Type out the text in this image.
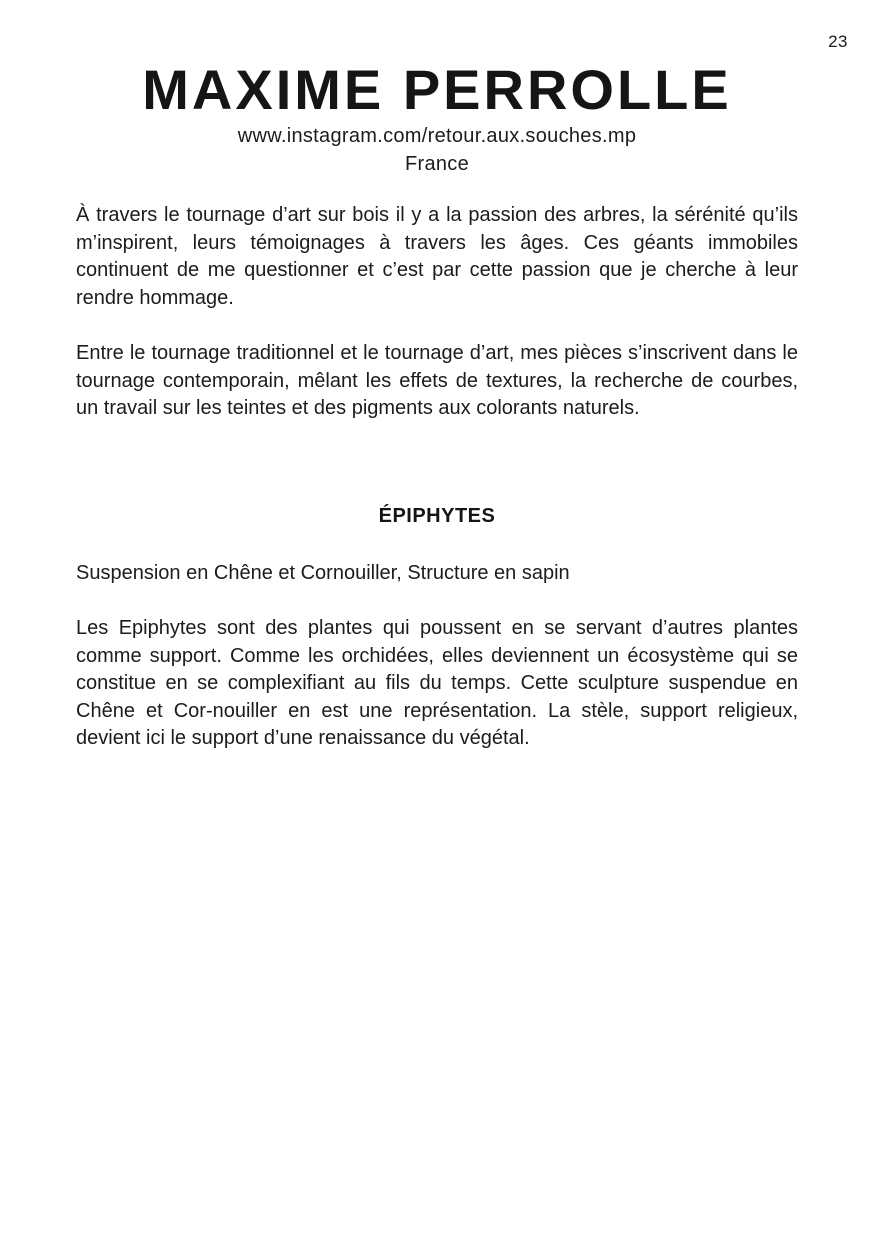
23
MAXIME PERROLLE

www.instagram.com/retour.aux.souches.mp

France

À travers le tournage d’art sur bois il y a la passion des arbres, la sérénité qu’ils m’inspirent, leurs témoignages à travers les âges. Ces géants immobiles continuent de me questionner et c’est par cette passion que je cherche à leur rendre hommage.

Entre le tournage traditionnel et le tournage d’art, mes pièces s’inscrivent dans le tournage contemporain, mêlant les effets de textures, la recherche de courbes, un travail sur les teintes et des pigments aux colorants naturels.

ÉPIPHYTES

Suspension en Chêne et Cornouiller, Structure en sapin

Les Epiphytes sont des plantes qui poussent en se servant d’autres plantes comme support. Comme les orchidées, elles deviennent un écosystème qui se constitue en se complexifiant au fils du temps. Cette sculpture suspendue en Chêne et Cor-nouiller en est une représentation. La stèle, support religieux, devient ici le support d’une renaissance du végétal.
